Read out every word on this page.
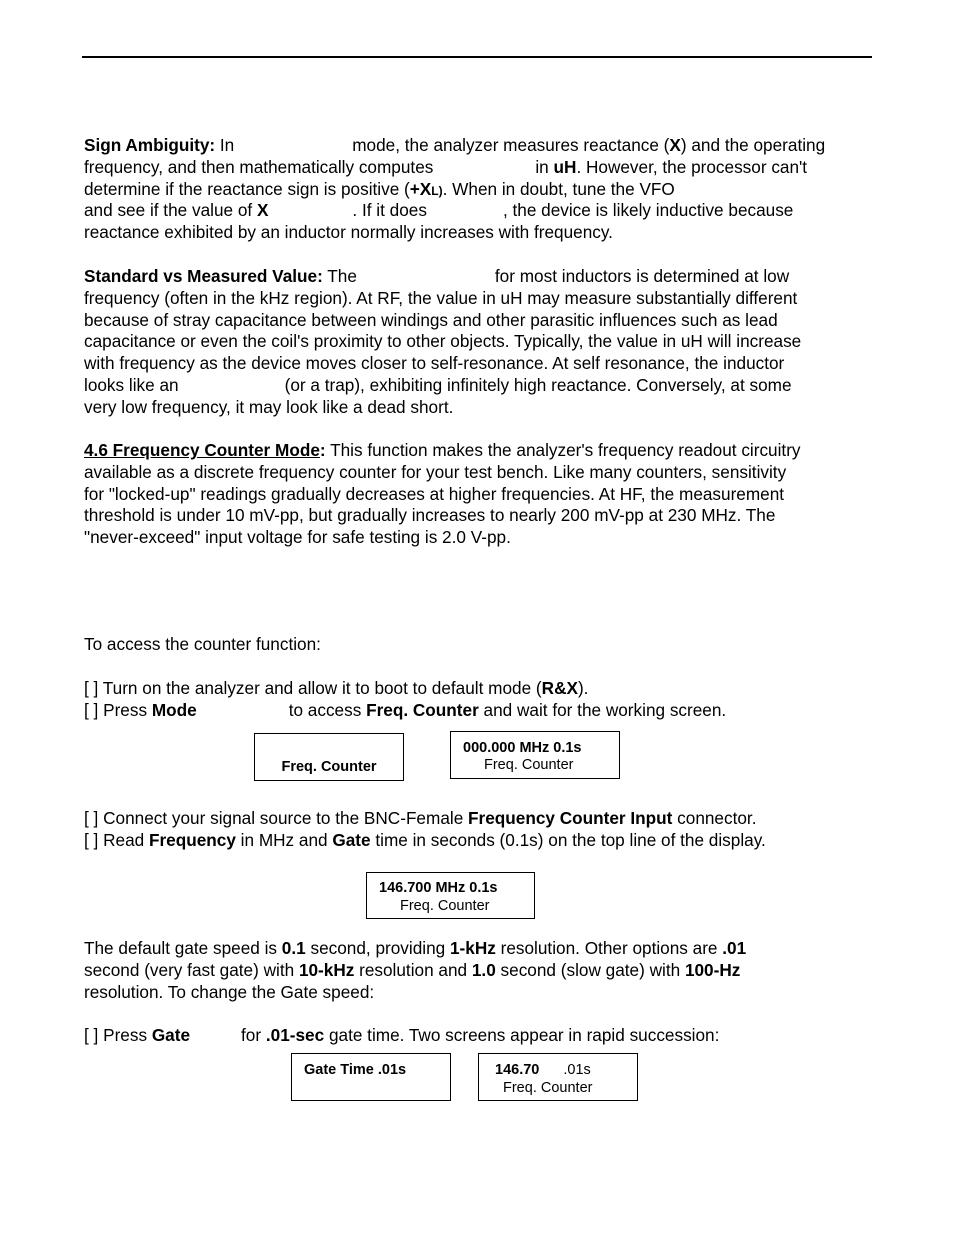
Sign Ambiguity: In	mode, the analyzer measures reactance (X) and the operating
frequency, and then mathematically computes	in uH. However, the processor can't
determine if the reactance sign is positive (+XL). When in doubt, tune the VFO
and see if the value of X	. If it does	, the device is likely inductive because
reactance exhibited by an inductor normally increases with frequency.
Standard vs Measured Value: The	for most inductors is determined at low
frequency (often in the kHz region). At RF, the value in uH may measure substantially different
because of stray capacitance between windings and other parasitic influences such as lead
capacitance or even the coil's proximity to other objects. Typically, the value in uH will increase
with frequency as the device moves closer to self-resonance. At self resonance, the inductor
looks like an	(or a trap), exhibiting infinitely high reactance. Conversely, at some
very low frequency, it may look like a dead short.
4.6 Frequency Counter Mode: This function makes the analyzer's frequency readout circuitry
available as a discrete frequency counter for your test bench. Like many counters, sensitivity
for "locked-up" readings gradually decreases at higher frequencies. At HF, the measurement
threshold is under 10 mV-pp, but gradually increases to nearly 200 mV-pp at 230 MHz. The
"never-exceed" input voltage for safe testing is 2.0 V-pp.
To access the counter function:
[ ] Turn on the analyzer and allow it to boot to default mode (R&X).
[ ] Press Mode	to access Freq. Counter and wait for the working screen.
Freq. Counter
000.000 MHz 0.1s
Freq. Counter
[ ] Connect your signal source to the BNC-Female Frequency Counter Input connector.
[ ] Read Frequency in MHz and Gate time in seconds (0.1s) on the top line of the display.
146.700 MHz 0.1s
Freq. Counter
The default gate speed is 0.1 second, providing 1-kHz resolution. Other options are .01
second (very fast gate) with 10-kHz resolution and 1.0 second (slow gate) with 100-Hz
resolution. To change the Gate speed:
[ ] Press Gate	for .01-sec gate time. Two screens appear in rapid succession:
Gate Time .01s	146.70 .01s
Freq. Counter
